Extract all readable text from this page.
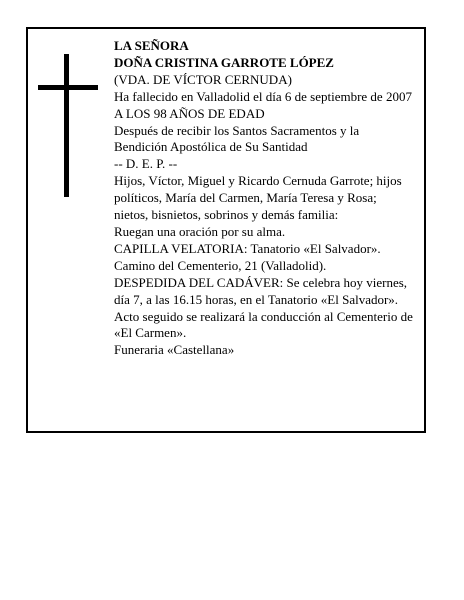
LA SEÑORA
DOÑA CRISTINA GARROTE LÓPEZ
(VDA. DE VÍCTOR CERNUDA)
Ha fallecido en Valladolid el día 6 de septiembre de 2007
A LOS 98 AÑOS DE EDAD
Después de recibir los Santos Sacramentos y la Bendición Apostólica de Su Santidad
-- D. E. P. --
Hijos, Víctor, Miguel y Ricardo Cernuda Garrote; hijos políticos, María del Carmen, María Teresa y Rosa; nietos, bisnietos, sobrinos y demás familia:
Ruegan una oración por su alma.
CAPILLA VELATORIA: Tanatorio «El Salvador». Camino del Cementerio, 21 (Valladolid).
DESPEDIDA DEL CADÁVER: Se celebra hoy viernes, día 7, a las 16.15 horas, en el Tanatorio «El Salvador». Acto seguido se realizará la conducción al Cementerio de «El Carmen».
Funeraria «Castellana»
